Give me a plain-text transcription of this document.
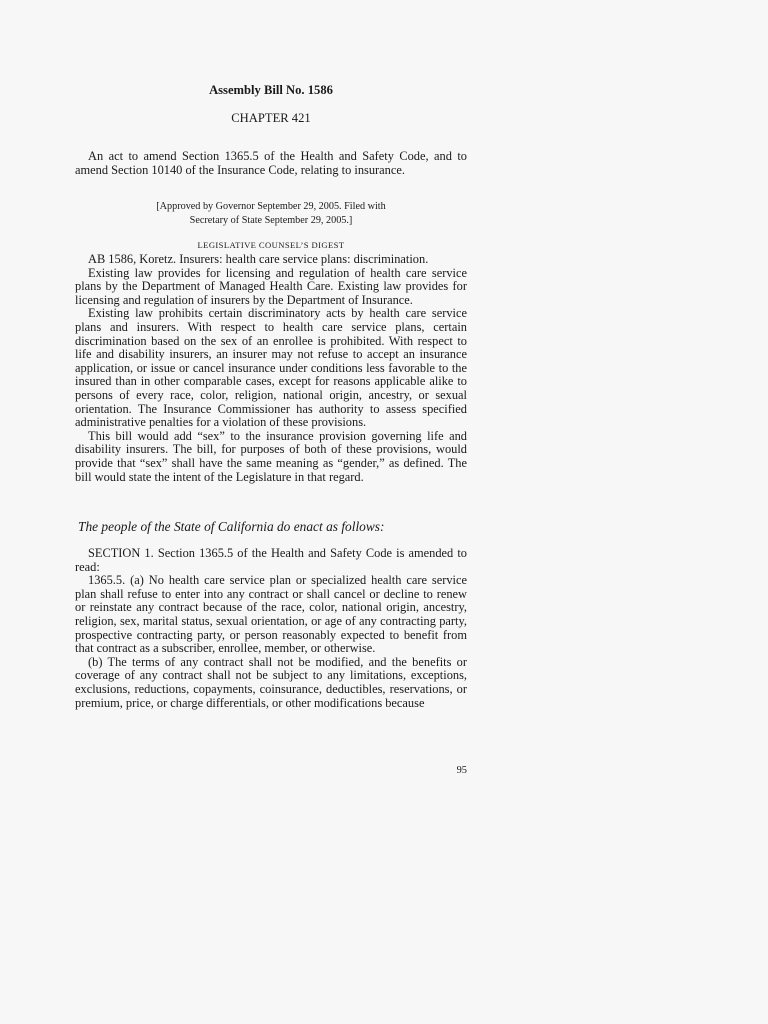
Assembly Bill No. 1586
CHAPTER 421

An act to amend Section 1365.5 of the Health and Safety Code, and to amend Section 10140 of the Insurance Code, relating to insurance.

[Approved by Governor September 29, 2005. Filed with
Secretary of State September 29, 2005.]
LEGISLATIVE COUNSEL’S DIGEST

AB 1586, Koretz. Insurers: health care service plans: discrimination.

Existing law provides for licensing and regulation of health care service plans by the Department of Managed Health Care. Existing law provides for licensing and regulation of insurers by the Department of Insurance.

Existing law prohibits certain discriminatory acts by health care service plans and insurers. With respect to health care service plans, certain discrimination based on the sex of an enrollee is prohibited. With respect to life and disability insurers, an insurer may not refuse to accept an insurance application, or issue or cancel insurance under conditions less favorable to the insured than in other comparable cases, except for reasons applicable alike to persons of every race, color, religion, national origin, ancestry, or sexual orientation. The Insurance Commissioner has authority to assess specified administrative penalties for a violation of these provisions.

This bill would add “sex” to the insurance provision governing life and disability insurers. The bill, for purposes of both of these provisions, would provide that “sex” shall have the same meaning as “gender,” as defined. The bill would state the intent of the Legislature in that regard.

The people of the State of California do enact as follows:

SECTION 1. Section 1365.5 of the Health and Safety Code is amended to read:

1365.5. (a) No health care service plan or specialized health care service plan shall refuse to enter into any contract or shall cancel or decline to renew or reinstate any contract because of the race, color, national origin, ancestry, religion, sex, marital status, sexual orientation, or age of any contracting party, prospective contracting party, or person reasonably expected to benefit from that contract as a subscriber, enrollee, member, or otherwise.

(b) The terms of any contract shall not be modified, and the benefits or coverage of any contract shall not be subject to any limitations, exceptions, exclusions, reductions, copayments, coinsurance, deductibles, reservations, or premium, price, or charge differentials, or other modifications because

95
